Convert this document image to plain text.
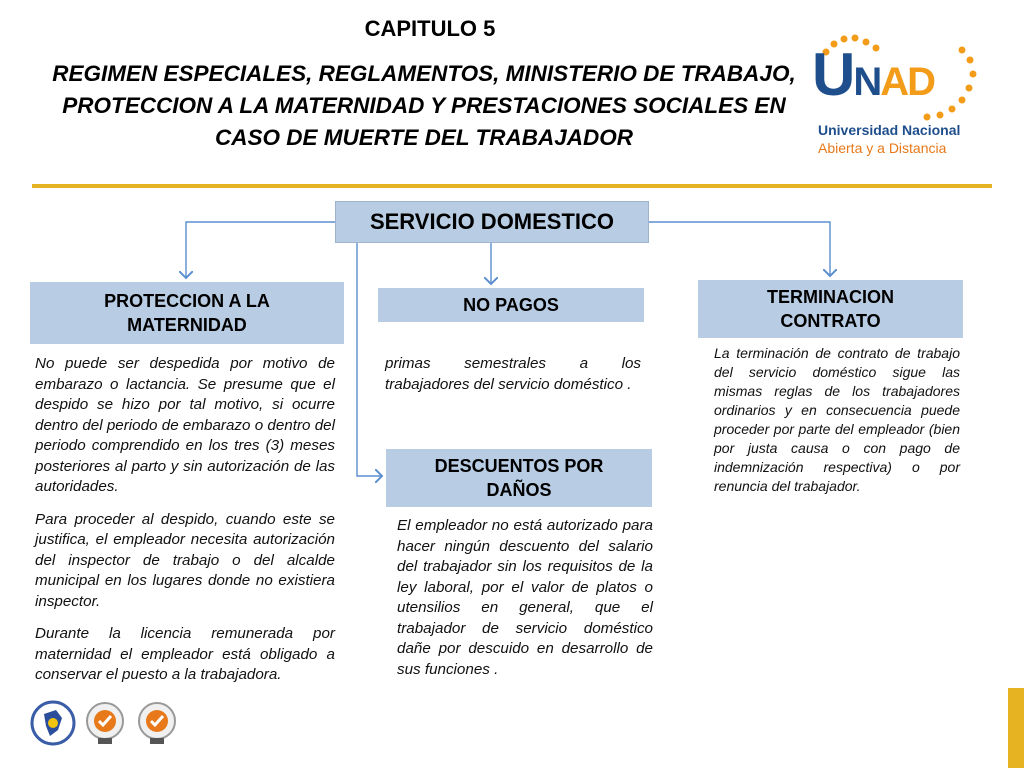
CAPITULO 5
REGIMEN ESPECIALES, REGLAMENTOS, MINISTERIO DE TRABAJO,
PROTECCION A LA MATERNIDAD Y PRESTACIONES SOCIALES EN
CASO DE MUERTE DEL TRABAJADOR
UNAD
Universidad Nacional
Abierta y a Distancia
SERVICIO DOMESTICO
PROTECCION A LA
MATERNIDAD
NO PAGOS	TERMINACION
CONTRATO
DESCUENTOS POR
DAÑOS

No puede ser despedida por motivo de embarazo o lactancia. Se presume que el despido se hizo por tal motivo, si ocurre dentro del periodo de embarazo o dentro del periodo comprendido en los tres (3) meses posteriores al parto y sin autorización de las autoridades.

Para proceder al despido, cuando este se justifica, el empleador necesita autorización del inspector de trabajo o del alcalde municipal en los lugares donde no existiera inspector.

Durante la licencia remunerada por maternidad el empleador está obligado a conservar el puesto a la trabajadora.

primas semestrales a los trabajadores del servicio doméstico .
El empleador no está autorizado para hacer ningún descuento del salario del trabajador sin los requisitos de la ley laboral, por el valor de platos o utensilios en general, que el trabajador de servicio doméstico dañe por descuido en desarrollo de sus funciones .
La terminación de contrato de trabajo del servicio doméstico sigue las mismas reglas de los trabajadores ordinarios y en consecuencia puede proceder por parte del empleador (bien por justa causa o con pago de indemnización respectiva) o por renuncia del trabajador.
